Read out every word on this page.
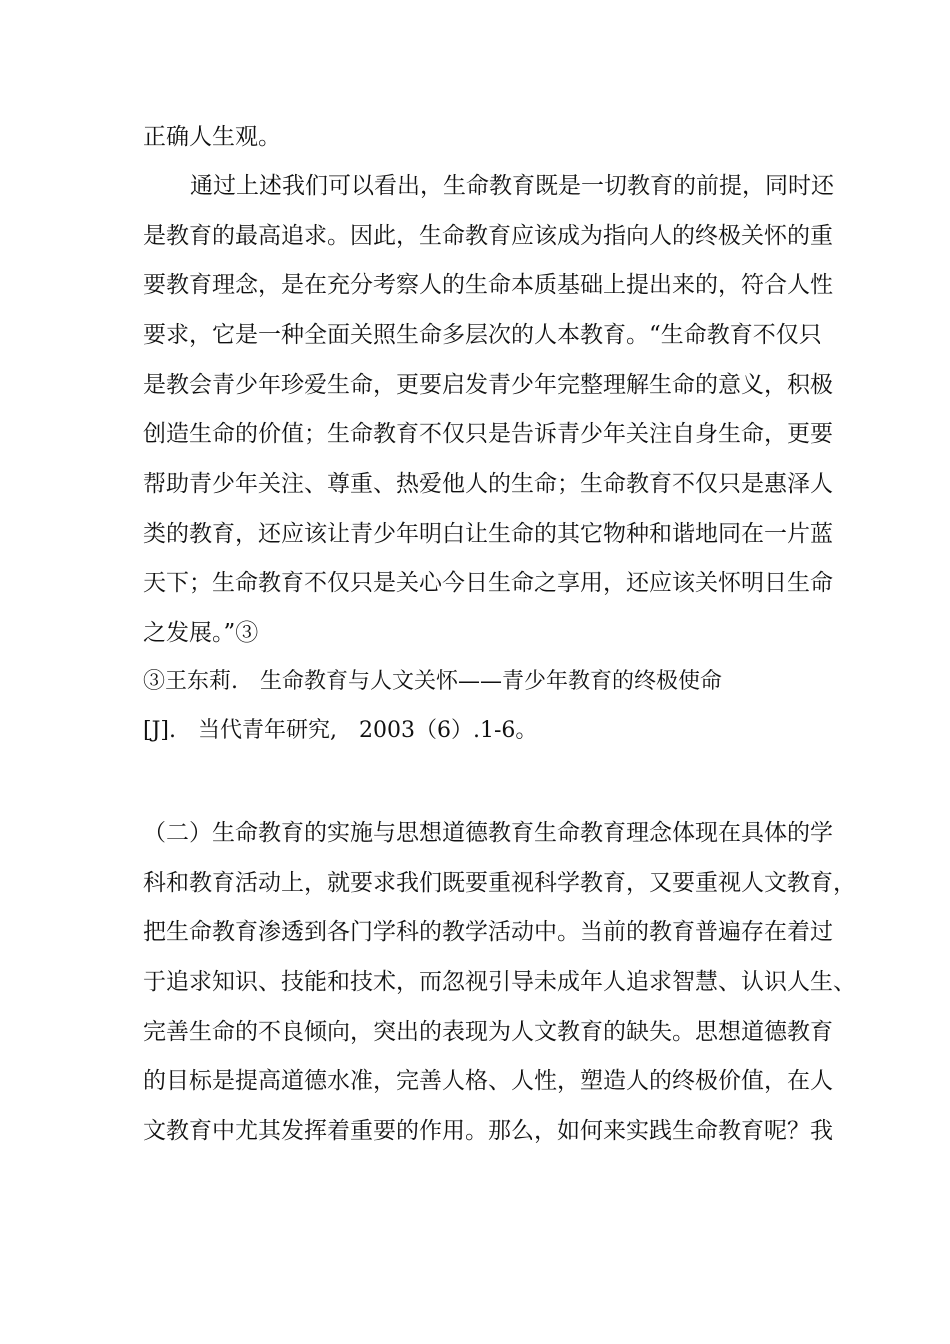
正确人生观。
通过上述我们可以看出，生命教育既是一切教育的前提，同时还
是教育的最高追求。因此，生命教育应该成为指向人的终极关怀的重
要教育理念，是在充分考察人的生命本质基础上提出来的，符合人性
要求，它是一种全面关照生命多层次的人本教育。“生命教育不仅只
是教会青少年珍爱生命，更要启发青少年完整理解生命的意义，积极
创造生命的价值；生命教育不仅只是告诉青少年关注自身生命，更要
帮助青少年关注、尊重、热爱他人的生命；生命教育不仅只是惠泽人
类的教育，还应该让青少年明白让生命的其它物种和谐地同在一片蓝
天下；生命教育不仅只是关心今日生命之享用，还应该关怀明日生命
之发展。”③
③王东莉.　生命教育与人文关怀——青少年教育的终极使命
[J].　当代青年研究,　2003（6）.1-6。
（二）生命教育的实施与思想道德教育生命教育理念体现在具体的学
科和教育活动上，就要求我们既要重视科学教育，又要重视人文教育，
把生命教育渗透到各门学科的教学活动中。当前的教育普遍存在着过
于追求知识、技能和技术，而忽视引导未成年人追求智慧、认识人生、
完善生命的不良倾向，突出的表现为人文教育的缺失。思想道德教育
的目标是提高道德水准，完善人格、人性，塑造人的终极价值，在人
文教育中尤其发挥着重要的作用。那么，如何来实践生命教育呢？我
